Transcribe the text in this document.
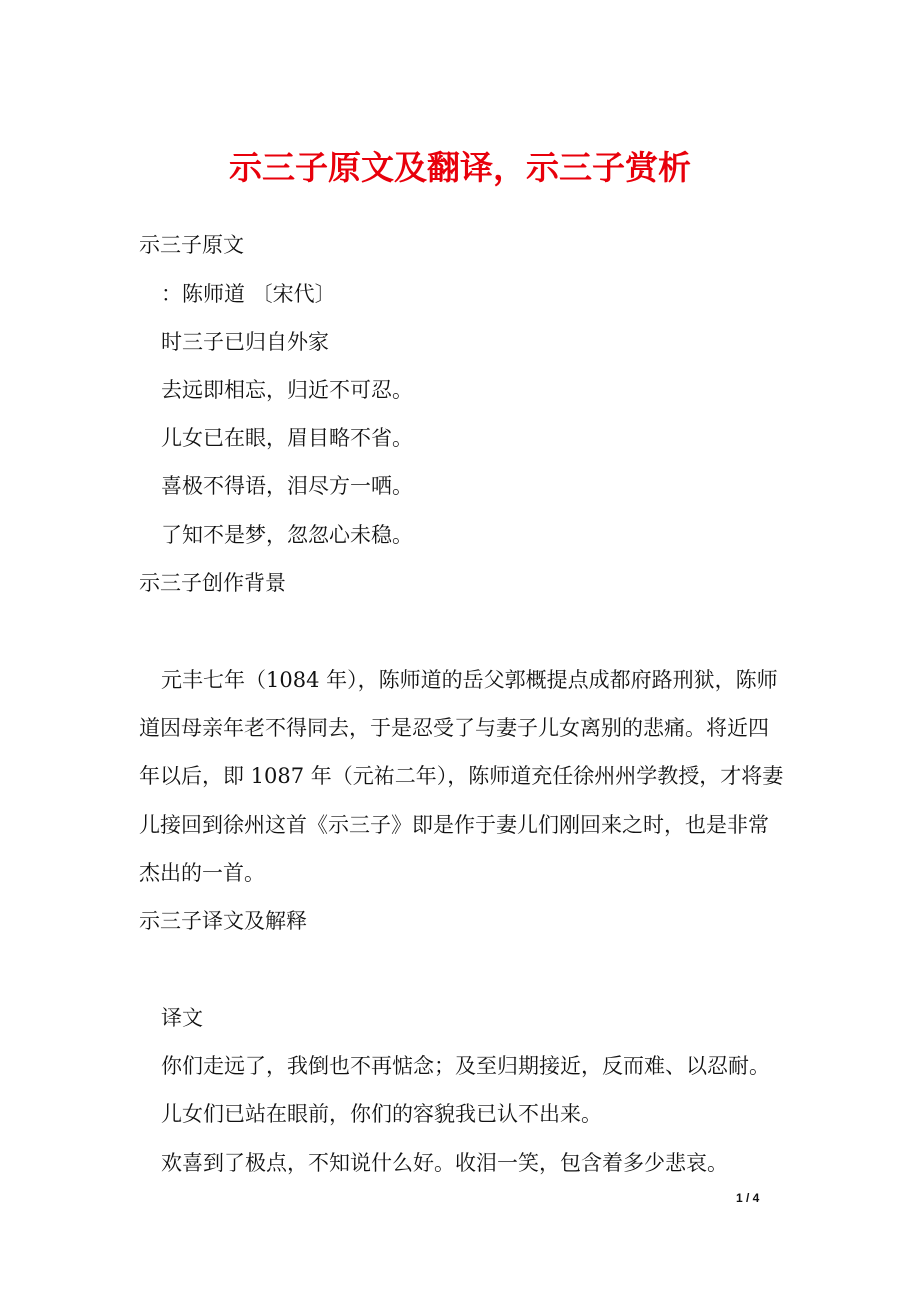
示三子原文及翻译，示三子赏析
示三子原文
：陈师道 〔宋代〕
时三子已归自外家
去远即相忘，归近不可忍。
儿女已在眼，眉目略不省。
喜极不得语，泪尽方一哂。
了知不是梦，忽忽心未稳。
示三子创作背景
元丰七年（1084 年），陈师道的岳父郭概提点成都府路刑狱，陈师
道因母亲年老不得同去，于是忍受了与妻子儿女离别的悲痛。将近四
年以后，即 1087 年（元祐二年），陈师道充任徐州州学教授，才将妻
儿接回到徐州这首《示三子》即是作于妻儿们刚回来之时，也是非常
杰出的一首。
示三子译文及解释
译文
你们走远了，我倒也不再惦念；及至归期接近，反而难、以忍耐。
儿女们已站在眼前，你们的容貌我已认不出来。
欢喜到了极点，不知说什么好。收泪一笑，包含着多少悲哀。
1 / 4
